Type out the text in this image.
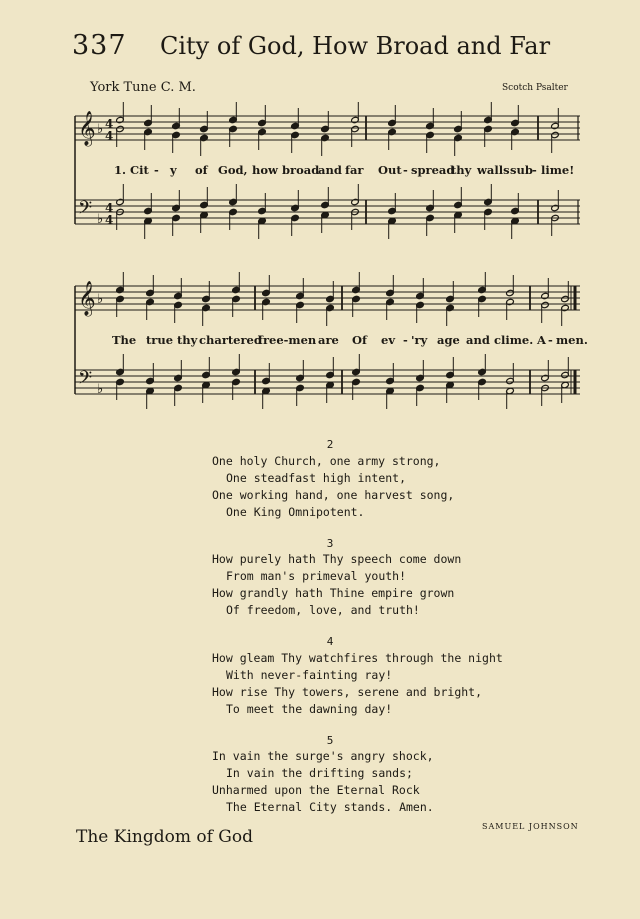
337 City of God, How Broad and Far
York Tune C. M.	Scotch Psalter
𝄞
𝄢
♭
♭
4
4
4
4
𝄞
𝄢
♭
♭
1. Cit - y of God, how broad
and far Out - spread
thy walls sub - lime!
The true thy chartered
free-men are Of ev - 'ry age and clime. A - men.
2
One holy Church, one army strong,
One steadfast high intent,
One working hand, one harvest song,
One King Omnipotent.
3
How purely hath Thy speech come down
From man's primeval youth!
How grandly hath Thine empire grown
Of freedom, love, and truth!
4
How gleam Thy watchfires through the night
With never-fainting ray!
How rise Thy towers, serene and bright,
To meet the dawning day!
5
In vain the surge's angry shock,
In vain the drifting sands;
Unharmed upon the Eternal Rock
The Eternal City stands. Amen.
SAMUEL JOHNSON
The Kingdom of God
